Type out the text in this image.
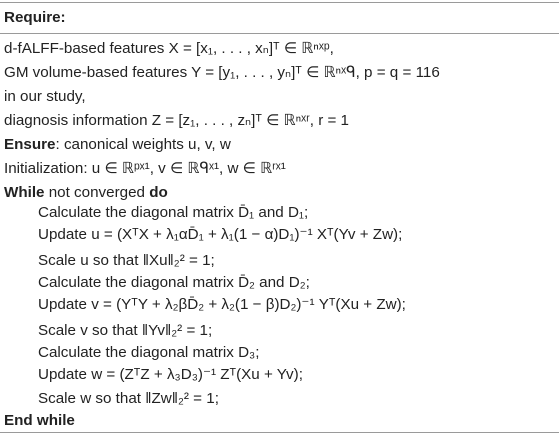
Require:
d-fALFF-based features X = [x₁, . . . , xₙ]ᵀ ∈ ℝⁿˣᵖ,
GM volume-based features Y = [y₁, . . . , yₙ]ᵀ ∈ ℝⁿˣᑫ, p = q = 116
in our study,
diagnosis information Z = [z₁, . . . , zₙ]ᵀ ∈ ℝⁿˣʳ, r = 1
Ensure: canonical weights u, v, w
Initialization: u ∈ ℝᵖˣ¹, v ∈ ℝᑫˣ¹, w ∈ ℝʳˣ¹
While not converged do
Calculate the diagonal matrix D̄₁ and D₁;
Update u = (XᵀX + λ₁αD̄₁ + λ₁(1 − α)D₁)⁻¹ Xᵀ(Yv + Zw);
Scale u so that ‖Xu‖₂² = 1;
Calculate the diagonal matrix D̄₂ and D₂;
Update v = (YᵀY + λ₂βD̄₂ + λ₂(1 − β)D₂)⁻¹ Yᵀ(Xu + Zw);
Scale v so that ‖Yv‖₂² = 1;
Calculate the diagonal matrix D₃;
Update w = (ZᵀZ + λ₃D₃)⁻¹ Zᵀ(Xu + Yv);
Scale w so that ‖Zw‖₂² = 1;
End while
